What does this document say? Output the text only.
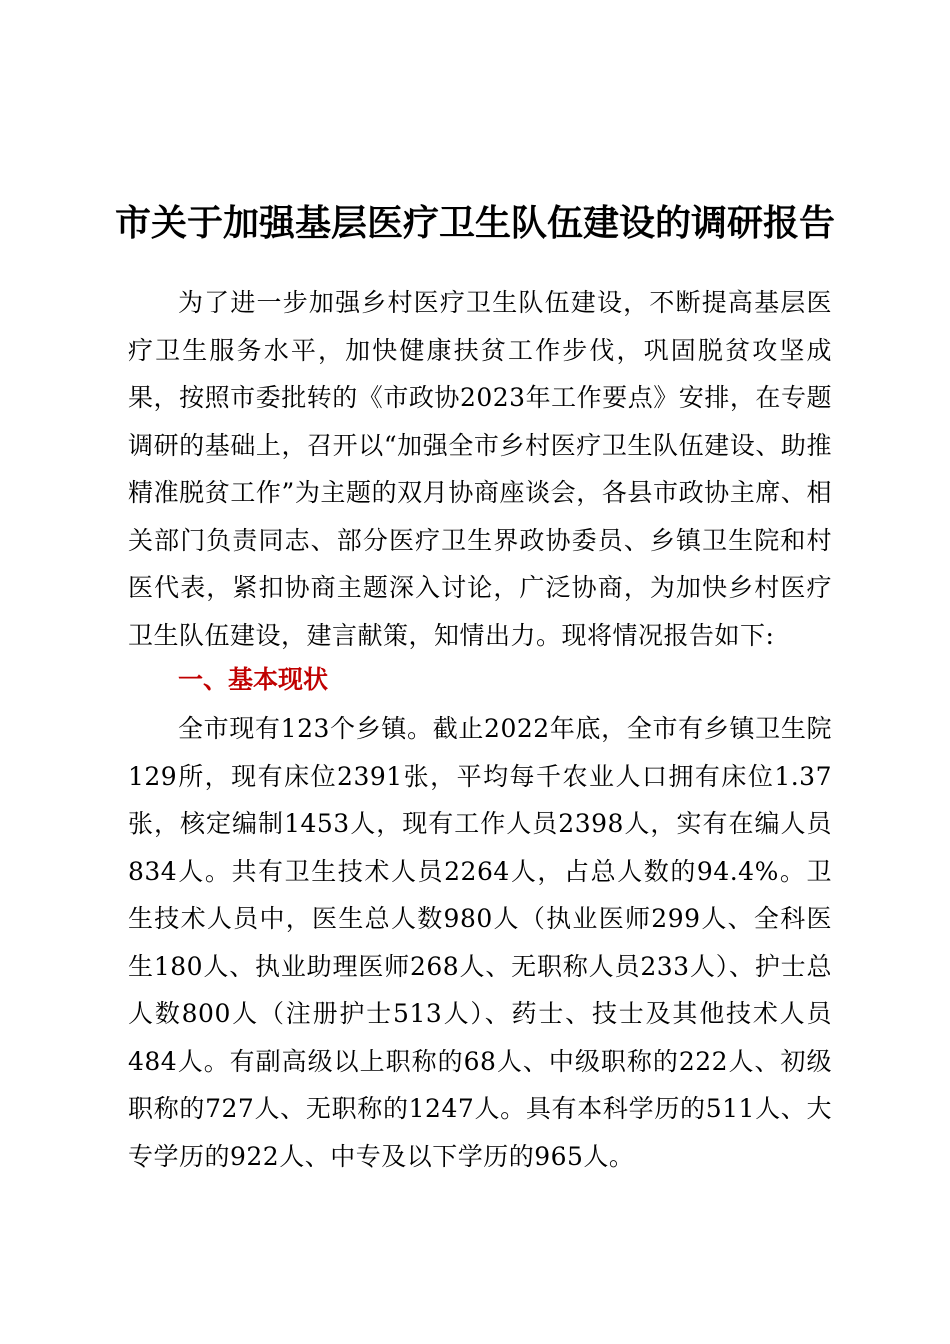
市关于加强基层医疗卫生队伍建设的调研报告

为了进一步加强乡村医疗卫生队伍建设，不断提高基层医疗卫生服务水平，加快健康扶贫工作步伐，巩固脱贫攻坚成果，按照市委批转的《市政协2023年工作要点》安排，在专题调研的基础上，召开以“加强全市乡村医疗卫生队伍建设、助推精准脱贫工作”为主题的双月协商座谈会，各县市政协主席、相关部门负责同志、部分医疗卫生界政协委员、乡镇卫生院和村医代表，紧扣协商主题深入讨论，广泛协商，为加快乡村医疗卫生队伍建设，建言献策，知情出力。现将情况报告如下:

一、基本现状

全市现有123个乡镇。截止2022年底，全市有乡镇卫生院129所，现有床位2391张，平均每千农业人口拥有床位1.37张，核定编制1453人，现有工作人员2398人，实有在编人员834人。共有卫生技术人员2264人，占总人数的94.4%。卫生技术人员中，医生总人数980人（执业医师299人、全科医生180人、执业助理医师268人、无职称人员233人）、护士总人数800人（注册护士513人）、药士、技士及其他技术人员484人。有副高级以上职称的68人、中级职称的222人、初级职称的727人、无职称的1247人。具有本科学历的511人、大专学历的922人、中专及以下学历的965人。
